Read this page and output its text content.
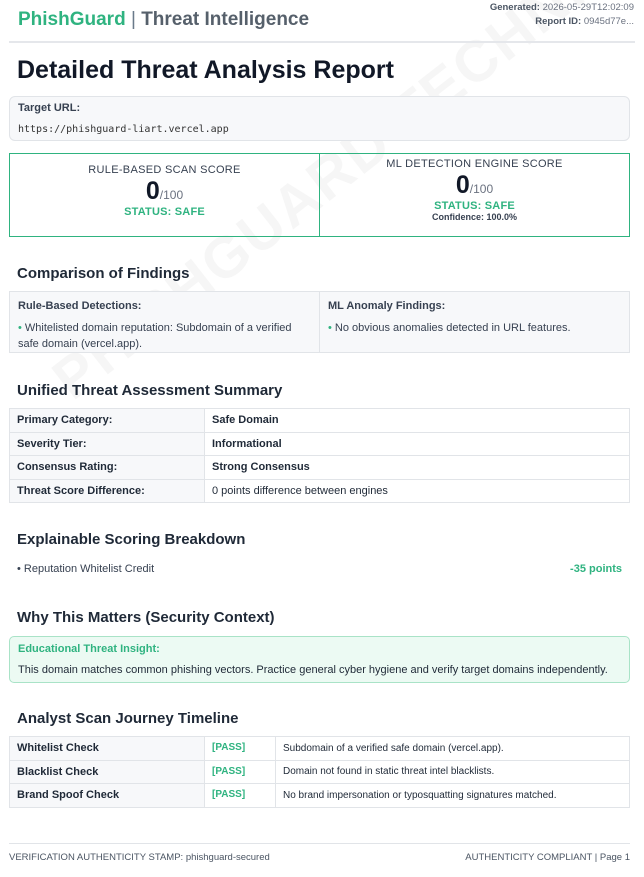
PhishGuard | Threat Intelligence
Generated: 2026-05-29T12:02:09
Report ID: 0945d77e...
Detailed Threat Analysis Report
Target URL:
https://phishguard-liart.vercel.app
RULE-BASED SCAN SCORE
0/100
STATUS: SAFE
ML DETECTION ENGINE SCORE
0/100
STATUS: SAFE
Confidence: 100.0%
Comparison of Findings
Rule-Based Detections:
• Whitelisted domain reputation: Subdomain of a verified safe domain (vercel.app).
ML Anomaly Findings:
• No obvious anomalies detected in URL features.
Unified Threat Assessment Summary
Primary Category:	Safe Domain
Severity Tier:	Informational
Consensus Rating:	Strong Consensus
Threat Score Difference:	0 points difference between engines
Explainable Scoring Breakdown
• Reputation Whitelist Credit	-35 points
Why This Matters (Security Context)
Educational Threat Insight:
This domain matches common phishing vectors. Practice general cyber hygiene and verify target domains independently.
Analyst Scan Journey Timeline
Whitelist Check	[PASS]	Subdomain of a verified safe domain (vercel.app).
Blacklist Check	[PASS]	Domain not found in static threat intel blacklists.
Brand Spoof Check	[PASS]	No brand impersonation or typosquatting signatures matched.
VERIFICATION AUTHENTICITY STAMP: phishguard-secured	AUTHENTICITY COMPLIANT | Page 1
